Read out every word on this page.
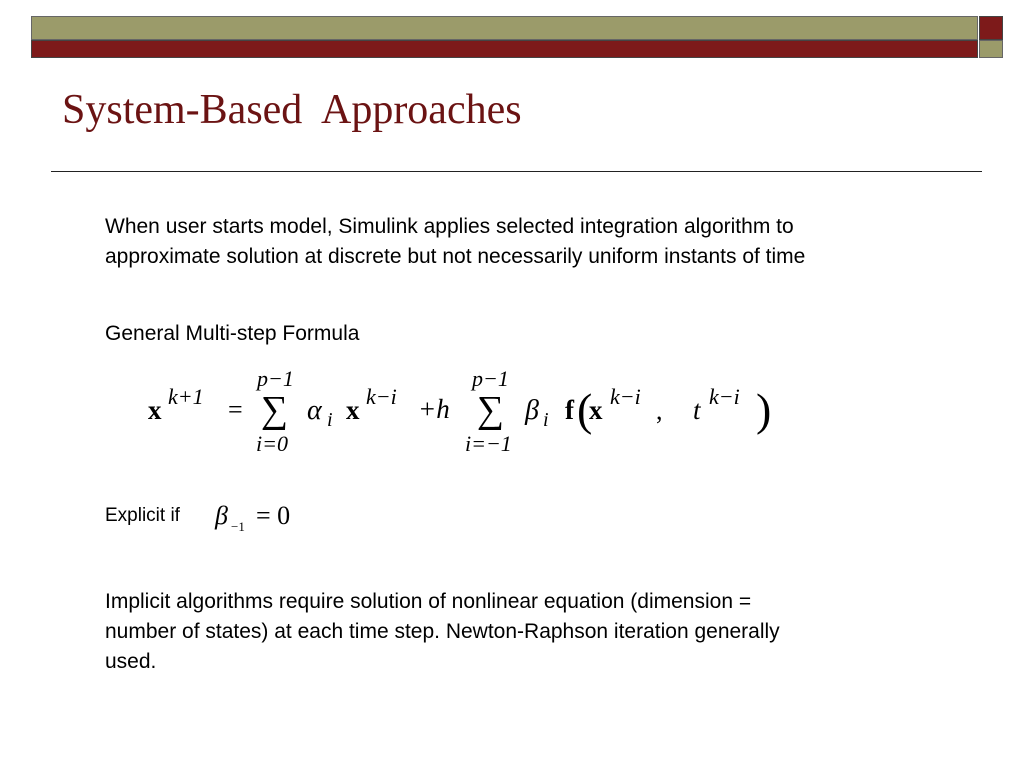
System-Based  Approaches

When user starts model, Simulink applies selected integration algorithm to approximate solution at discrete but not necessarily uniform instants of time

General Multi-step Formula

x k+1 =
p−1
∑
i=0
α i x k−i +h
p−1
∑
i=−1
β i f (
x k−i , t k−i )
Explicit if β −1 = 0

Implicit algorithms require solution of nonlinear equation (dimension = number of states) at each time step. Newton-Raphson iteration generally used.
